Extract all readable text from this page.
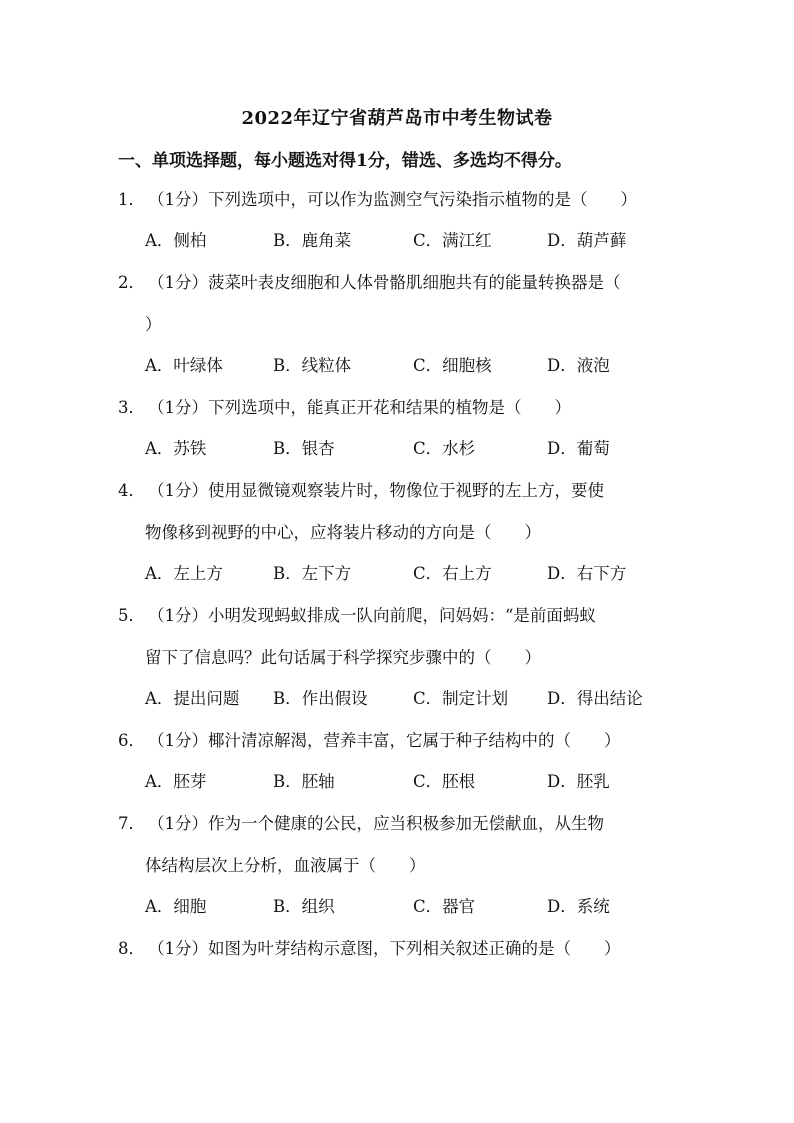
2022年辽宁省葫芦岛市中考生物试卷
一、单项选择题，每小题选对得1分，错选、多选均不得分。
1． （1分）下列选项中，可以作为监测空气污染指示植物的是（　　）
A．侧柏	B．鹿角菜	C．满江红	D．葫芦藓
2． （1分）菠菜叶表皮细胞和人体骨骼肌细胞共有的能量转换器是（
）
A．叶绿体	B．线粒体	C．细胞核	D．液泡
3． （1分）下列选项中，能真正开花和结果的植物是（　　）
A．苏铁	B．银杏	C．水杉	D．葡萄
4． （1分）使用显微镜观察装片时，物像位于视野的左上方，要使
物像移到视野的中心，应将装片移动的方向是（　　）
A．左上方	B．左下方	C．右上方	D．右下方
5． （1分）小明发现蚂蚁排成一队向前爬，问妈妈：“是前面蚂蚁
留下了信息吗？此句话属于科学探究步骤中的（　　）
A．提出问题 B．作出假设	C．制定计划 D．得出结论
6． （1分）椰汁清凉解渴，营养丰富，它属于种子结构中的（　　）
A．胚芽	B．胚轴	C．胚根	D．胚乳
7． （1分）作为一个健康的公民，应当积极参加无偿献血，从生物
体结构层次上分析，血液属于（　　）
A．细胞	B．组织	C．器官	D．系统
8． （1分）如图为叶芽结构示意图，下列相关叙述正确的是（　　）
